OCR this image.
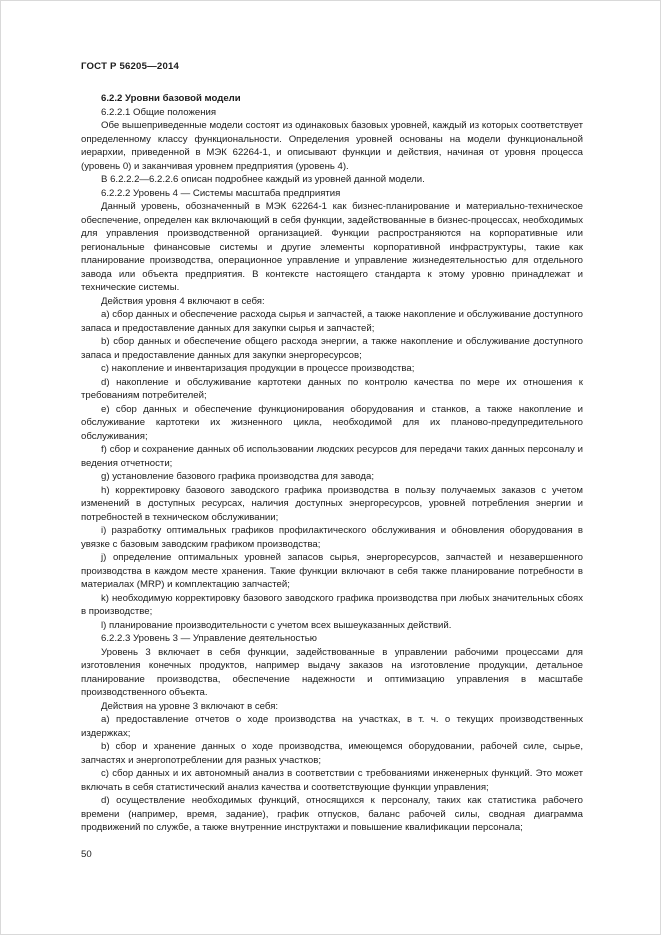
ГОСТ Р 56205—2014

6.2.2 Уровни базовой модели

6.2.2.1 Общие положения

Обе вышеприведенные модели состоят из одинаковых базовых уровней, каждый из которых соответствует определенному классу функциональности. Определения уровней основаны на модели функциональной иерархии, приведенной в МЭК 62264-1, и описывают функции и действия, начиная от уровня процесса (уровень 0) и заканчивая уровнем предприятия (уровень 4).

В 6.2.2.2—6.2.2.6 описан подробнее каждый из уровней данной модели.

6.2.2.2 Уровень 4 — Системы масштаба предприятия

Данный уровень, обозначенный в МЭК 62264-1 как бизнес-планирование и материально-техническое обеспечение, определен как включающий в себя функции, задействованные в бизнес-процессах, необходимых для управления производственной организацией. Функции распространяются на корпоративные или региональные финансовые системы и другие элементы корпоративной инфраструктуры, такие как планирование производства, операционное управление и управление жизнедеятельностью для отдельного завода или объекта предприятия. В контексте настоящего стандарта к этому уровню принадлежат и технические системы.

Действия уровня 4 включают в себя:

a) сбор данных и обеспечение расхода сырья и запчастей, а также накопление и обслуживание доступного запаса и предоставление данных для закупки сырья и запчастей;

b) сбор данных и обеспечение общего расхода энергии, а также накопление и обслуживание доступного запаса и предоставление данных для закупки энергоресурсов;

c) накопление и инвентаризация продукции в процессе производства;

d) накопление и обслуживание картотеки данных по контролю качества по мере их отношения к требованиям потребителей;

e) сбор данных и обеспечение функционирования оборудования и станков, а также накопление и обслуживание картотеки их жизненного цикла, необходимой для их планово-предупредительного обслуживания;

f) сбор и сохранение данных об использовании людских ресурсов для передачи таких данных персоналу и ведения отчетности;

g) установление базового графика производства для завода;

h) корректировку базового заводского графика производства в пользу получаемых заказов с учетом изменений в доступных ресурсах, наличия доступных энергоресурсов, уровней потребления энергии и потребностей в техническом обслуживании;

i) разработку оптимальных графиков профилактического обслуживания и обновления оборудования в увязке с базовым заводским графиком производства;

j) определение оптимальных уровней запасов сырья, энергоресурсов, запчастей и незавершенного производства в каждом месте хранения. Такие функции включают в себя также планирование потребности в материалах (MRP) и комплектацию запчастей;

k) необходимую корректировку базового заводского графика производства при любых значительных сбоях в производстве;

l) планирование производительности с учетом всех вышеуказанных действий.

6.2.2.3 Уровень 3 — Управление деятельностью

Уровень 3 включает в себя функции, задействованные в управлении рабочими процессами для изготовления конечных продуктов, например выдачу заказов на изготовление продукции, детальное планирование производства, обеспечение надежности и оптимизацию управления в масштабе производственного объекта.

Действия на уровне 3 включают в себя:

a) предоставление отчетов о ходе производства на участках, в т. ч. о текущих производственных издержках;

b) сбор и хранение данных о ходе производства, имеющемся оборудовании, рабочей силе, сырье, запчастях и энергопотреблении для разных участков;

c) сбор данных и их автономный анализ в соответствии с требованиями инженерных функций. Это может включать в себя статистический анализ качества и соответствующие функции управления;

d) осуществление необходимых функций, относящихся к персоналу, таких как статистика рабочего времени (например, время, задание), график отпусков, баланс рабочей силы, сводная диаграмма продвижений по службе, а также внутренние инструктажи и повышение квалификации персонала;

50
